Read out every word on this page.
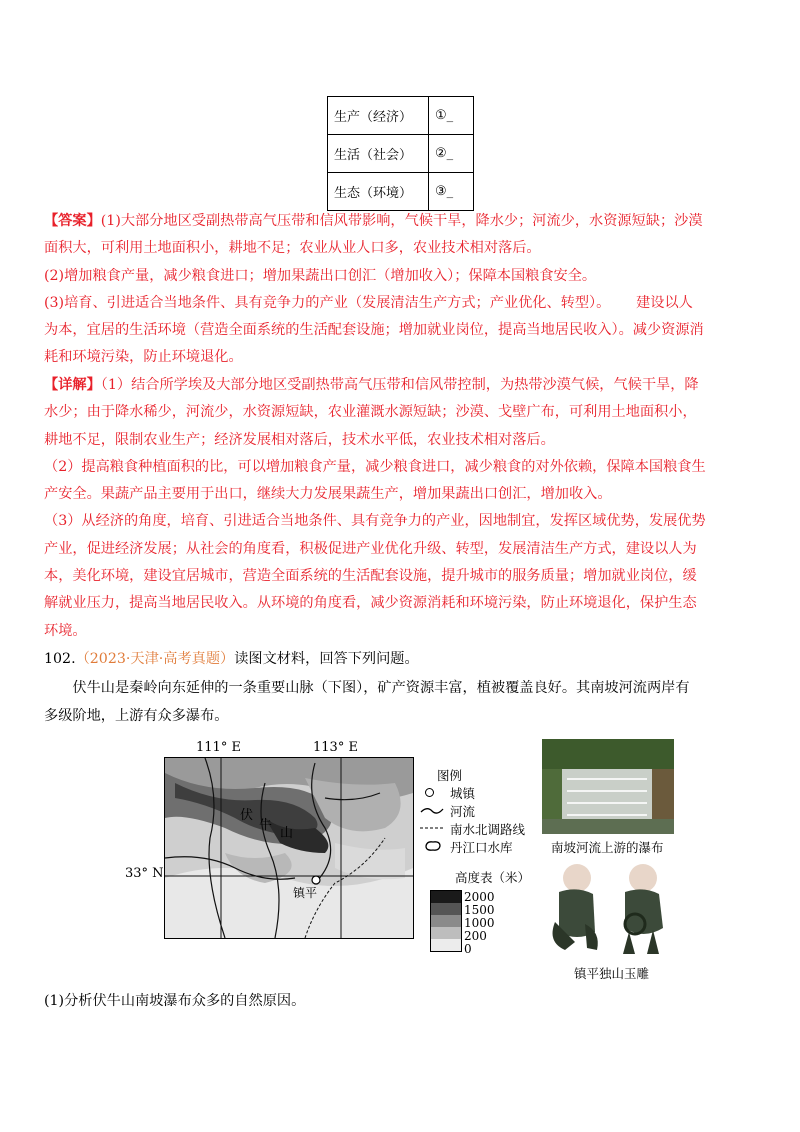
生产（经济）	①_
生活（社会）	②_
生态（环境）	③_
【答案】(1)大部分地区受副热带高气压带和信风带影响，气候干旱，降水少；河流少，水资源短缺；沙漠
面积大，可利用土地面积小，耕地不足；农业从业人口多，农业技术相对落后。
(2)增加粮食产量，减少粮食进口；增加果蔬出口创汇（增加收入）；保障本国粮食安全。
(3)培育、引进适合当地条件、具有竞争力的产业（发展清洁生产方式；产业优化、转型）。　　 建设以人
为本，宜居的生活环境（营造全面系统的生活配套设施；增加就业岗位，提高当地居民收入）。减少资源消
耗和环境污染，防止环境退化。
【详解】（1）结合所学埃及大部分地区受副热带高气压带和信风带控制，为热带沙漠气候，气候干旱，降
水少；由于降水稀少，河流少，水资源短缺，农业灌溉水源短缺；沙漠、戈壁广布，可利用土地面积小，
耕地不足，限制农业生产；经济发展相对落后，技术水平低，农业技术相对落后。
（2）提高粮食种植面积的比，可以增加粮食产量，减少粮食进口，减少粮食的对外依赖，保障本国粮食生
产安全。果蔬产品主要用于出口，继续大力发展果蔬生产，增加果蔬出口创汇，增加收入。
（3）从经济的角度，培育、引进适合当地条件、具有竞争力的产业，因地制宜，发挥区域优势，发展优势
产业，促进经济发展；从社会的角度看，积极促进产业优化升级、转型，发展清洁生产方式，建设以人为
本，美化环境，建设宜居城市，营造全面系统的生活配套设施，提升城市的服务质量；增加就业岗位，缓
解就业压力，提高当地居民收入。从环境的角度看，减少资源消耗和环境污染，防止环境退化，保护生态
环境。
102.（2023·天津·高考真题）读图文材料，回答下列问题。
伏牛山是秦岭向东延伸的一条重要山脉（下图），矿产资源丰富，植被覆盖良好。其南坡河流两岸有
多级阶地，上游有众多瀑布。
111° E	113° E
33° N
伏
牛
山
镇平
图例
城镇
河流
南水北调路线
丹江口水库
高度表（米）
2000
1500
1000
200
0
南坡河流上游的瀑布
镇平独山玉雕
(1)分析伏牛山南坡瀑布众多的自然原因。
